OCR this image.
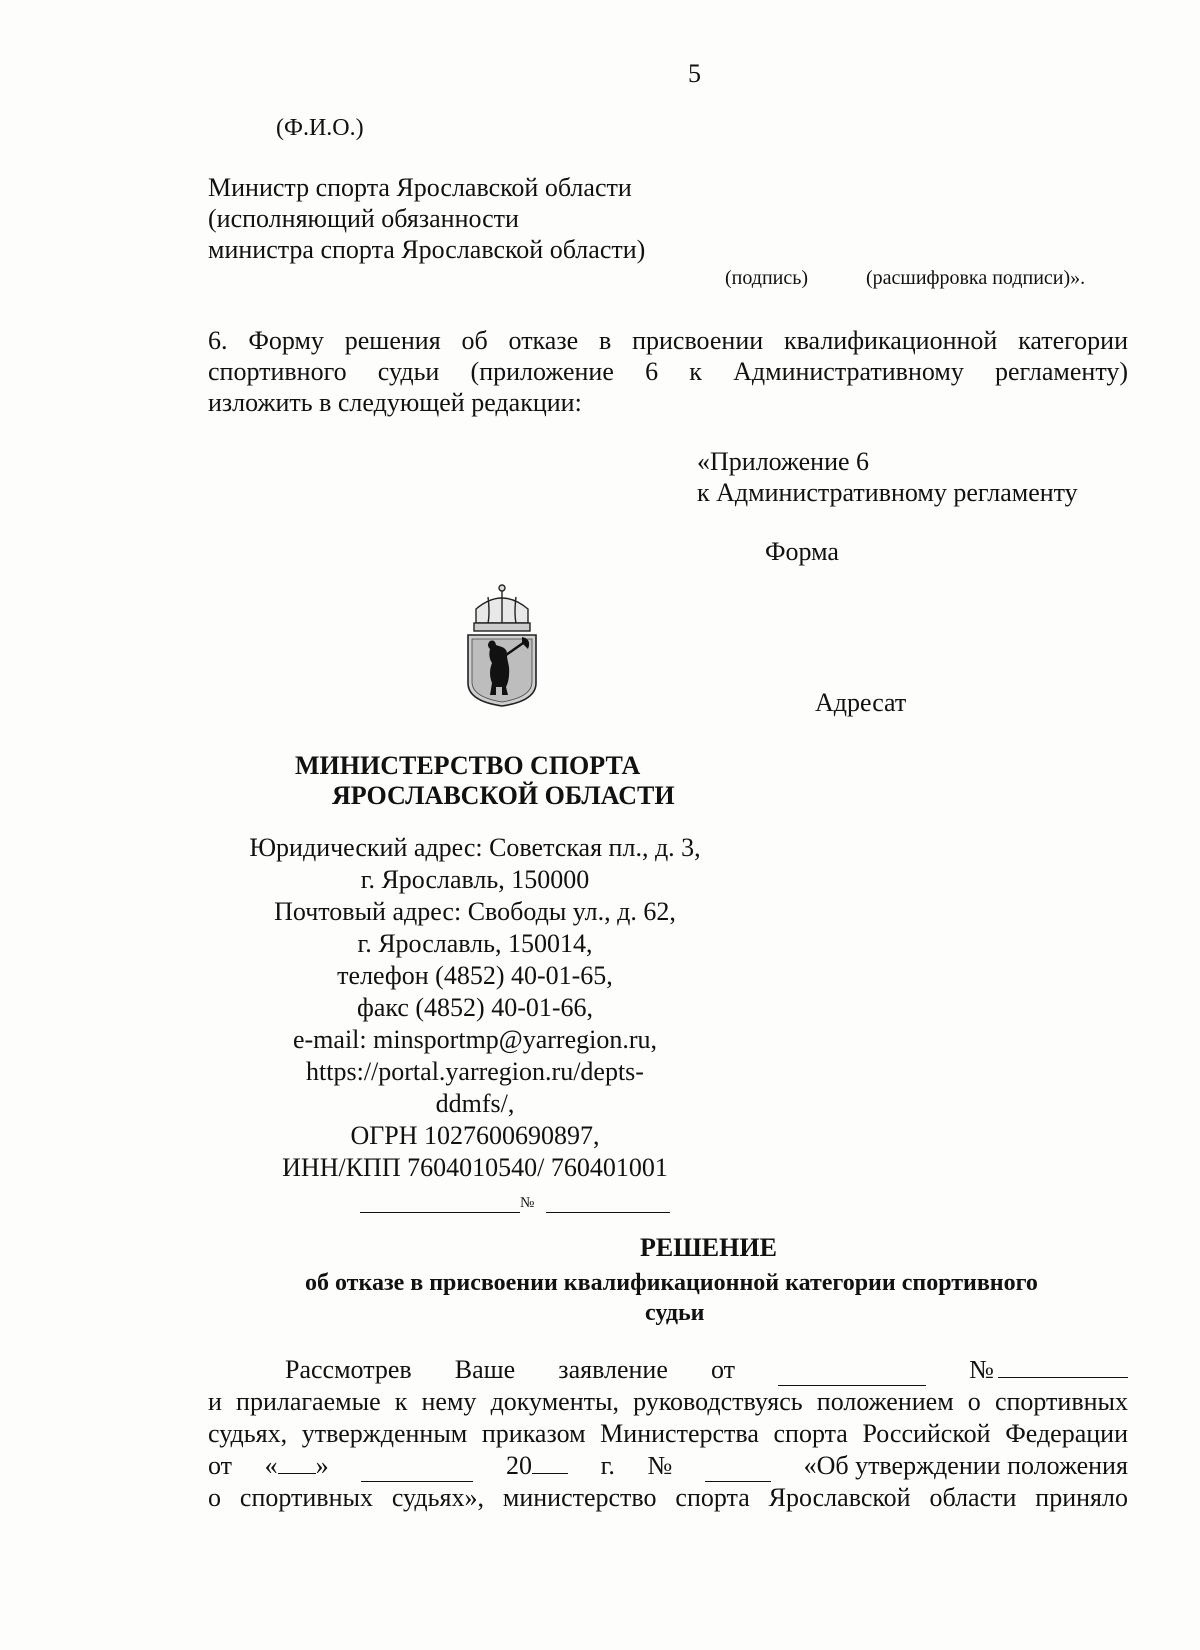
5
(Ф.И.О.)
Министр спорта Ярославской области
(исполняющий обязанности
министра спорта Ярославской области)
(подпись)	(расшифровка подписи)».
6. Форму решения об отказе в присвоении квалификационной категории
спортивного судьи (приложение 6 к Административному регламенту)
изложить в следующей редакции:
«Приложение 6
к Административному регламенту
Форма
Адресат
МИНИСТЕРСТВО СПОРТА
ЯРОСЛАВСКОЙ ОБЛАСТИ
Юридический адрес: Советская пл., д. 3,
г. Ярославль, 150000
Почтовый адрес: Свободы ул., д. 62,
г. Ярославль, 150014,
телефон (4852) 40-01-65,
факс (4852) 40-01-66,
e-mail: minsportmp@yarregion.ru,
https://portal.yarregion.ru/depts-
ddmfs/,
ОГРН 1027600690897,
ИНН/КПП 7604010540/ 760401001
№
РЕШЕНИЕ
об отказе в присвоении квалификационной категории спортивного
судьи
Рассмотрев Ваше заявление от	№
и прилагаемые к нему документы, руководствуясь положением о спортивных
судьях, утвержденным приказом Министерства спорта Российской Федерации
от « »	20	г. №	«Об утверждении положения
о спортивных судьях», министерство спорта Ярославской области приняло
